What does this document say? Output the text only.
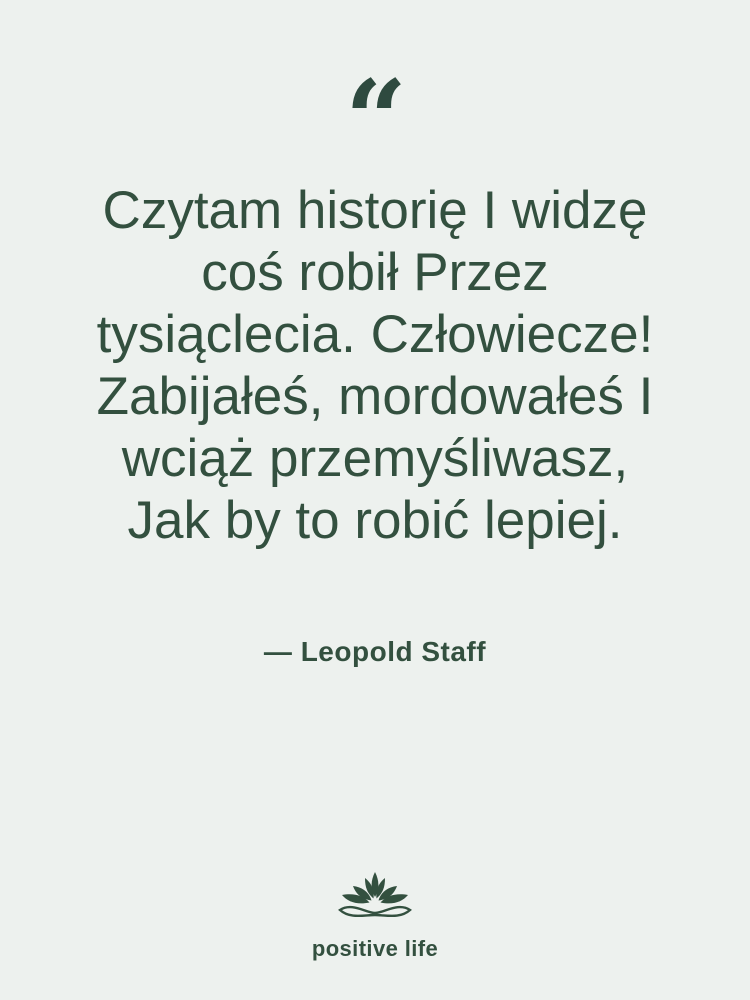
“
Czytam historię I widzę
coś robił Przez
tysiąclecia. Człowiecze!
Zabijałeś, mordowałeś I
wciąż przemyśliwasz,
Jak by to robić lepiej.
— Leopold Staff
positive life
